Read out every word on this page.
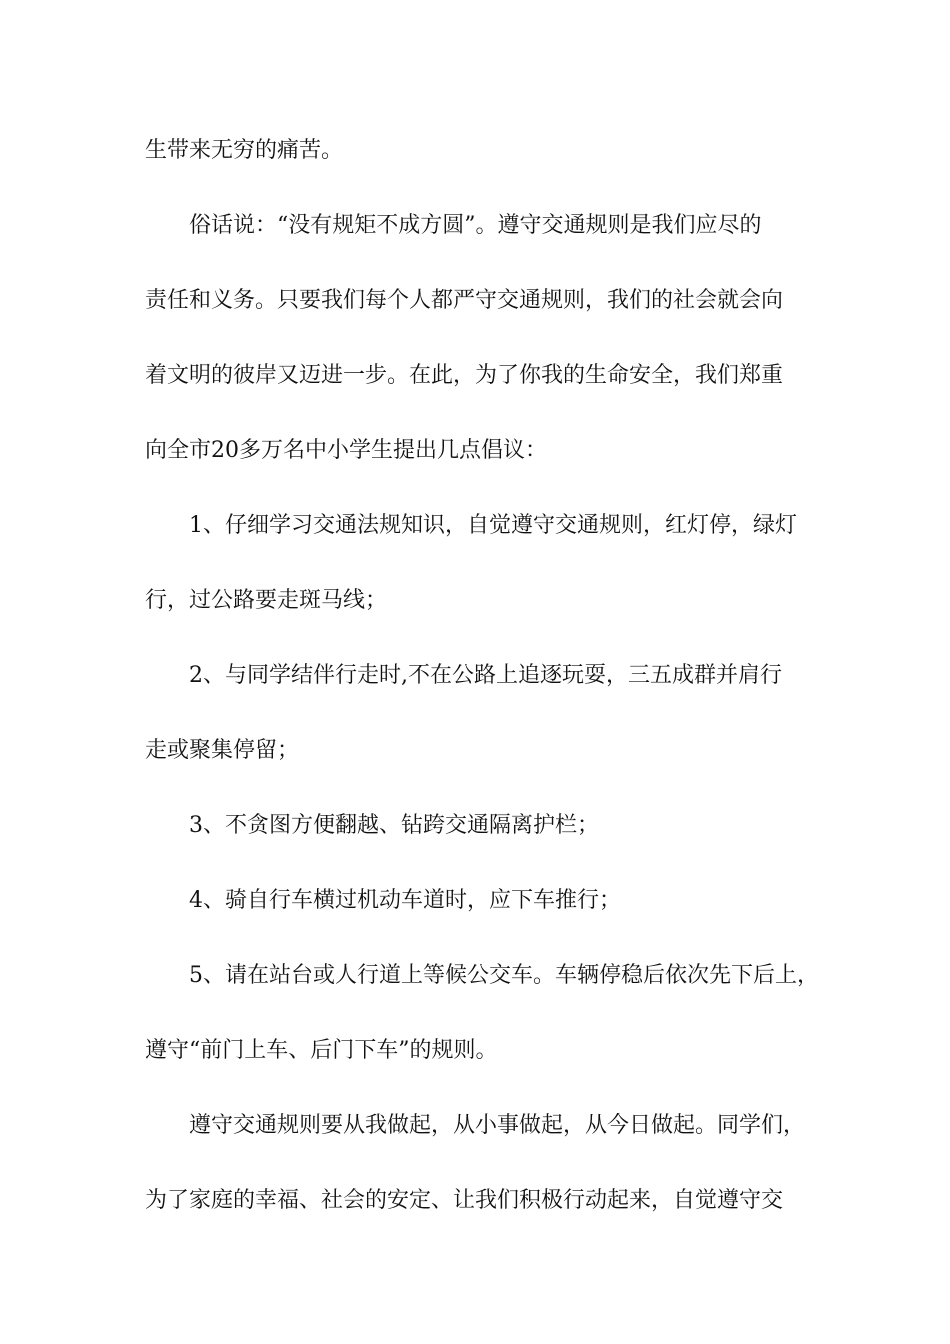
生带来无穷的痛苦。
俗话说：“没有规矩不成方圆”。遵守交通规则是我们应尽的
责任和义务。只要我们每个人都严守交通规则，我们的社会就会向
着文明的彼岸又迈进一步。在此，为了你我的生命安全，我们郑重
向全市20多万名中小学生提出几点倡议：
1、仔细学习交通法规知识，自觉遵守交通规则，红灯停，绿灯
行，过公路要走斑马线；
2、与同学结伴行走时,不在公路上追逐玩耍，三五成群并肩行
走或聚集停留；
3、不贪图方便翻越、钻跨交通隔离护栏；
4、骑自行车横过机动车道时，应下车推行；
5、请在站台或人行道上等候公交车。车辆停稳后依次先下后上，
遵守“前门上车、后门下车”的规则。
遵守交通规则要从我做起，从小事做起，从今日做起。同学们，
为了家庭的幸福、社会的安定、让我们积极行动起来，自觉遵守交
